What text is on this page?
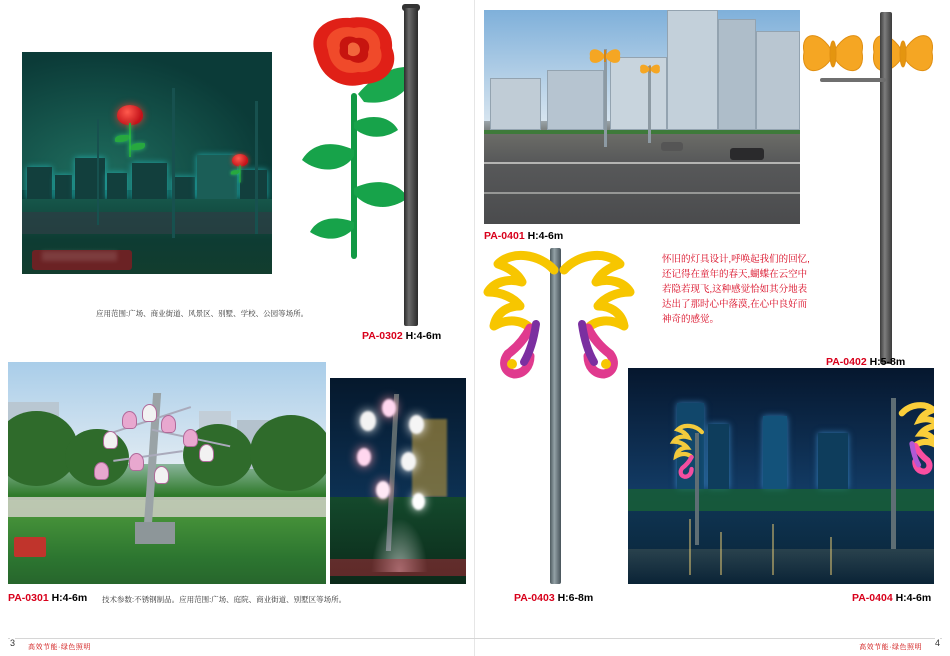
应用范围:广场、商业街道、风景区、别墅、学校、公园等场所。
PA-0302 H:4-6m
PA-0301 H:4-6m 技术参数:不锈钢制品。应用范围:广场、庭院、商业街道、别墅区等场所。
PA-0401 H:4-6m
PA-0402 H:5-8m
怀旧的灯具设计,呼唤起我们的回忆,还记得在童年的春天,蝴蝶在云空中若隐若现飞,这种感觉恰如其分地表达出了那时心中落漠,在心中良好而神奇的感觉。
PA-0403 H:6-8m	PA-0404 H:4-6m
3 高效节能·绿色照明	高效节能·绿色照明 4
